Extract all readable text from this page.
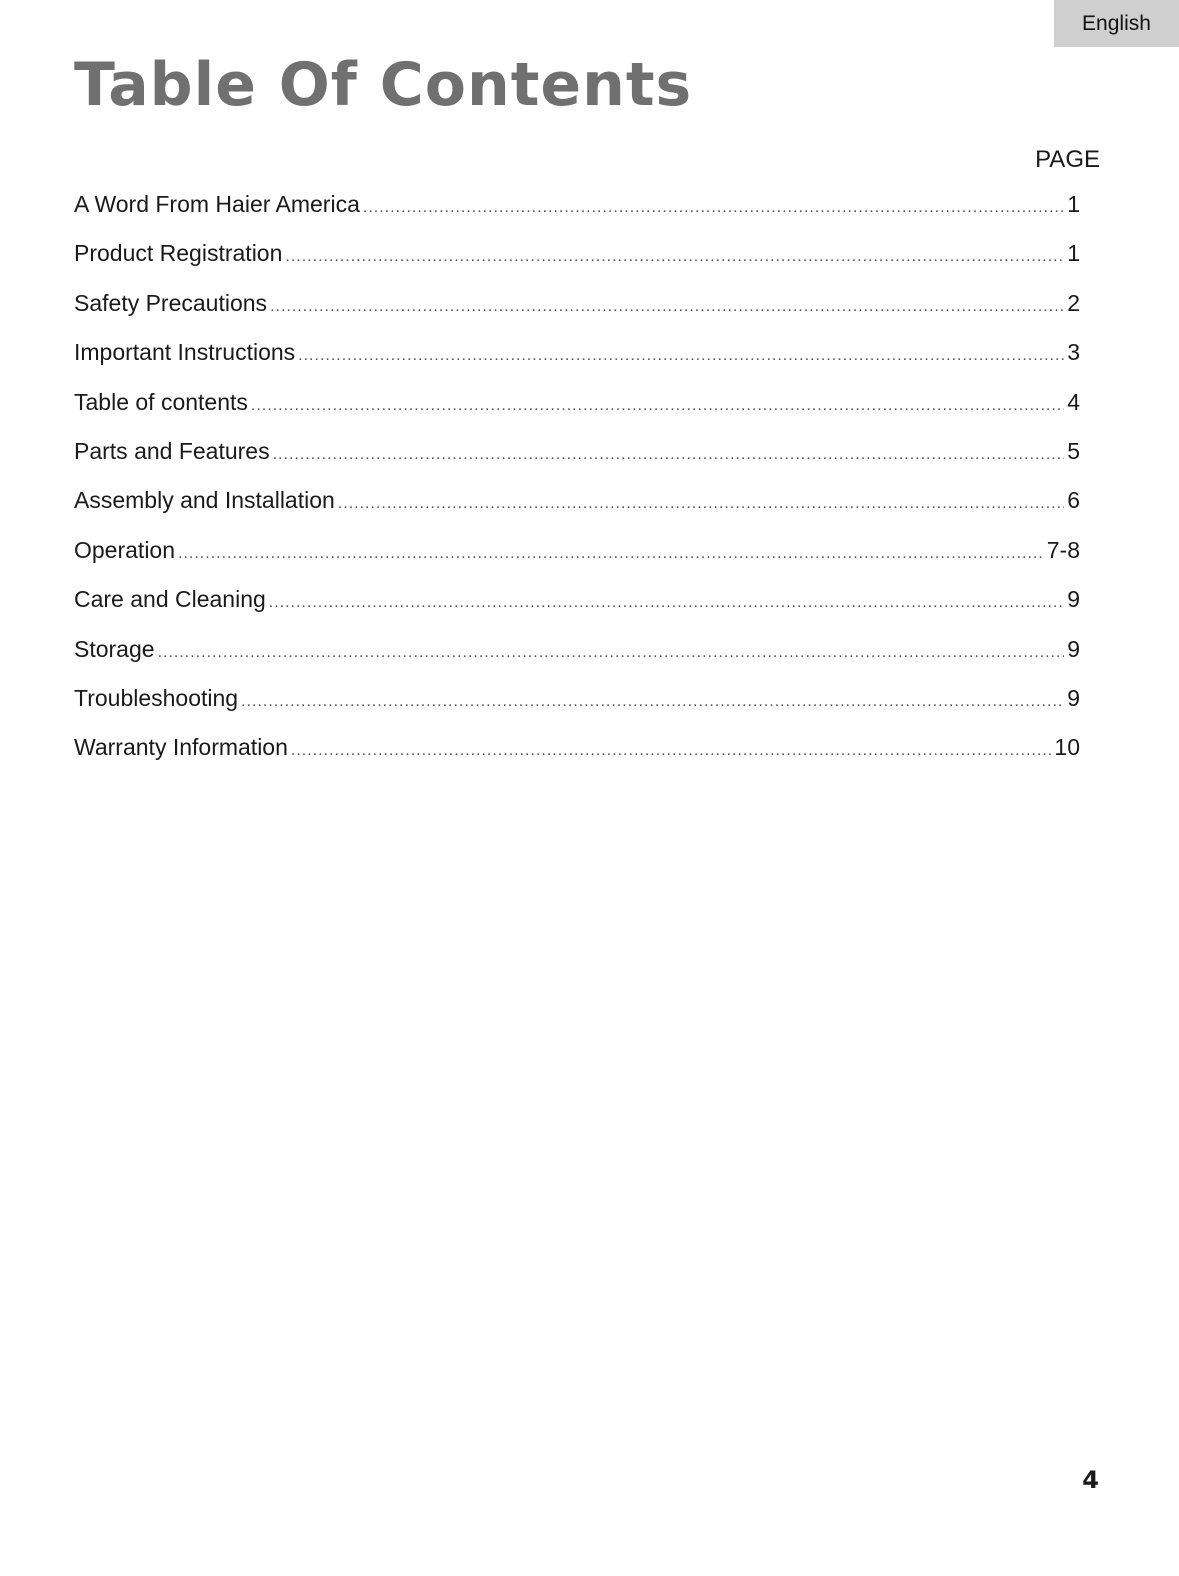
English
Table Of Contents
PAGE
A Word From Haier America .....	1
Product Registration .....	1
Safety Precautions .....	2
Important Instructions .....	3
Table of contents .....	4
Parts and Features .....	5
Assembly and Installation .....	6
Operation .....	7-8
Care and Cleaning .....	9
Storage .....	9
Troubleshooting .....	9
Warranty Information .....	10
4
